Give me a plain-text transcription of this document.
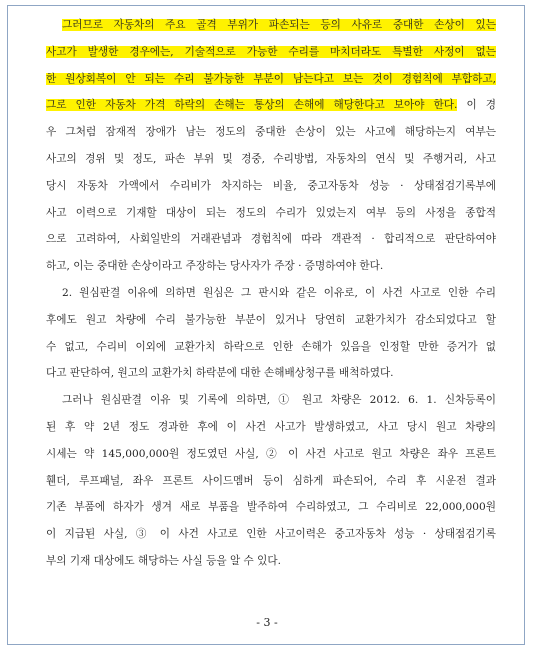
그러므로 자동차의 주요 골격 부위가 파손되는 등의 사유로 중대한 손상이 있는
사고가 발생한 경우에는, 기술적으로 가능한 수리를 마치더라도 특별한 사정이 없는
한 원상회복이 안 되는 수리 불가능한 부분이 남는다고 보는 것이 경험칙에 부합하고,
그로 인한 자동차 가격 하락의 손해는 통상의 손해에 해당한다고 보아야 한다. 이 경
우 그처럼 잠재적 장애가 남는 정도의 중대한 손상이 있는 사고에 해당하는지 여부는
사고의 경위 및 정도, 파손 부위 및 경중, 수리방법, 자동차의 연식 및 주행거리, 사고
당시 자동차 가액에서 수리비가 차지하는 비율, 중고자동차 성능 · 상태점검기록부에
사고 이력으로 기재할 대상이 되는 정도의 수리가 있었는지 여부 등의 사정을 종합적
으로 고려하여, 사회일반의 거래관념과 경험칙에 따라 객관적 · 합리적으로 판단하여야
하고, 이는 중대한 손상이라고 주장하는 당사자가 주장 · 증명하여야 한다.
2. 원심판결 이유에 의하면 원심은 그 판시와 같은 이유로, 이 사건 사고로 인한 수리
후에도 원고 차량에 수리 불가능한 부분이 있거나 당연히 교환가치가 감소되었다고 할
수 없고, 수리비 이외에 교환가치 하락으로 인한 손해가 있음을 인정할 만한 증거가 없
다고 판단하여, 원고의 교환가치 하락분에 대한 손해배상청구를 배척하였다.
그러나 원심판결 이유 및 기록에 의하면, ① 원고 차량은 2012. 6. 1. 신차등록이
된 후 약 2년 정도 경과한 후에 이 사건 사고가 발생하였고, 사고 당시 원고 차량의
시세는 약 145,000,000원 정도였던 사실, ② 이 사건 사고로 원고 차량은 좌우 프론트
휀더, 루프패널, 좌우 프론트 사이드멤버 등이 심하게 파손되어, 수리 후 시운전 결과
기존 부품에 하자가 생겨 새로 부품을 발주하여 수리하였고, 그 수리비로 22,000,000원
이 지급된 사실, ③ 이 사건 사고로 인한 사고이력은 중고자동차 성능 · 상태점검기록
부의 기재 대상에도 해당하는 사실 등을 알 수 있다.
- 3 -
